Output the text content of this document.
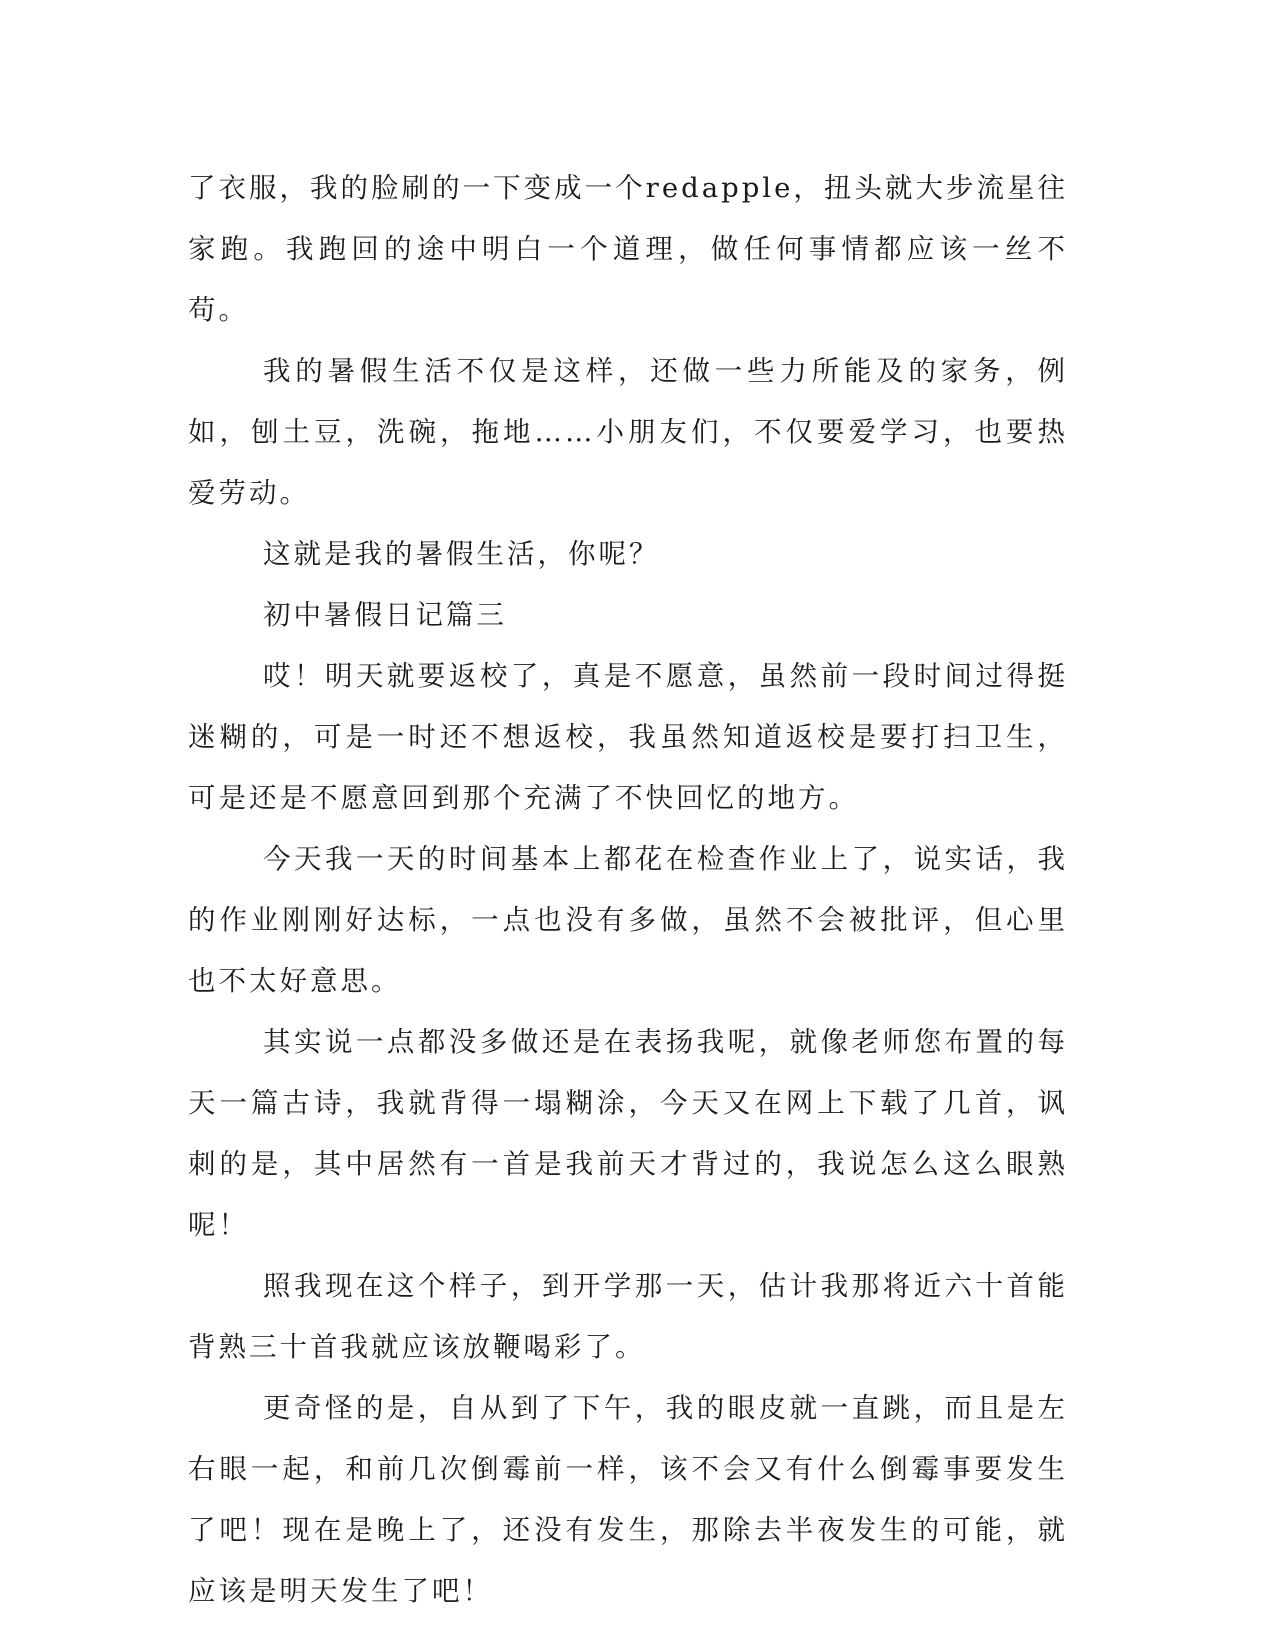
了衣服，我的脸刷的一下变成一个redapple，扭头就大步流星往家跑。我跑回的途中明白一个道理，做任何事情都应该一丝不苟。

我的暑假生活不仅是这样，还做一些力所能及的家务，例如，刨土豆，洗碗，拖地……小朋友们，不仅要爱学习，也要热爱劳动。

这就是我的暑假生活，你呢？

初中暑假日记篇三

哎！明天就要返校了，真是不愿意，虽然前一段时间过得挺迷糊的，可是一时还不想返校，我虽然知道返校是要打扫卫生，可是还是不愿意回到那个充满了不快回忆的地方。

今天我一天的时间基本上都花在检查作业上了，说实话，我的作业刚刚好达标，一点也没有多做，虽然不会被批评，但心里也不太好意思。

其实说一点都没多做还是在表扬我呢，就像老师您布置的每天一篇古诗，我就背得一塌糊涂，今天又在网上下载了几首，讽刺的是，其中居然有一首是我前天才背过的，我说怎么这么眼熟呢！

照我现在这个样子，到开学那一天，估计我那将近六十首能背熟三十首我就应该放鞭喝彩了。

更奇怪的是，自从到了下午，我的眼皮就一直跳，而且是左右眼一起，和前几次倒霉前一样，该不会又有什么倒霉事要发生了吧！现在是晚上了，还没有发生，那除去半夜发生的可能，就应该是明天发生了吧！
